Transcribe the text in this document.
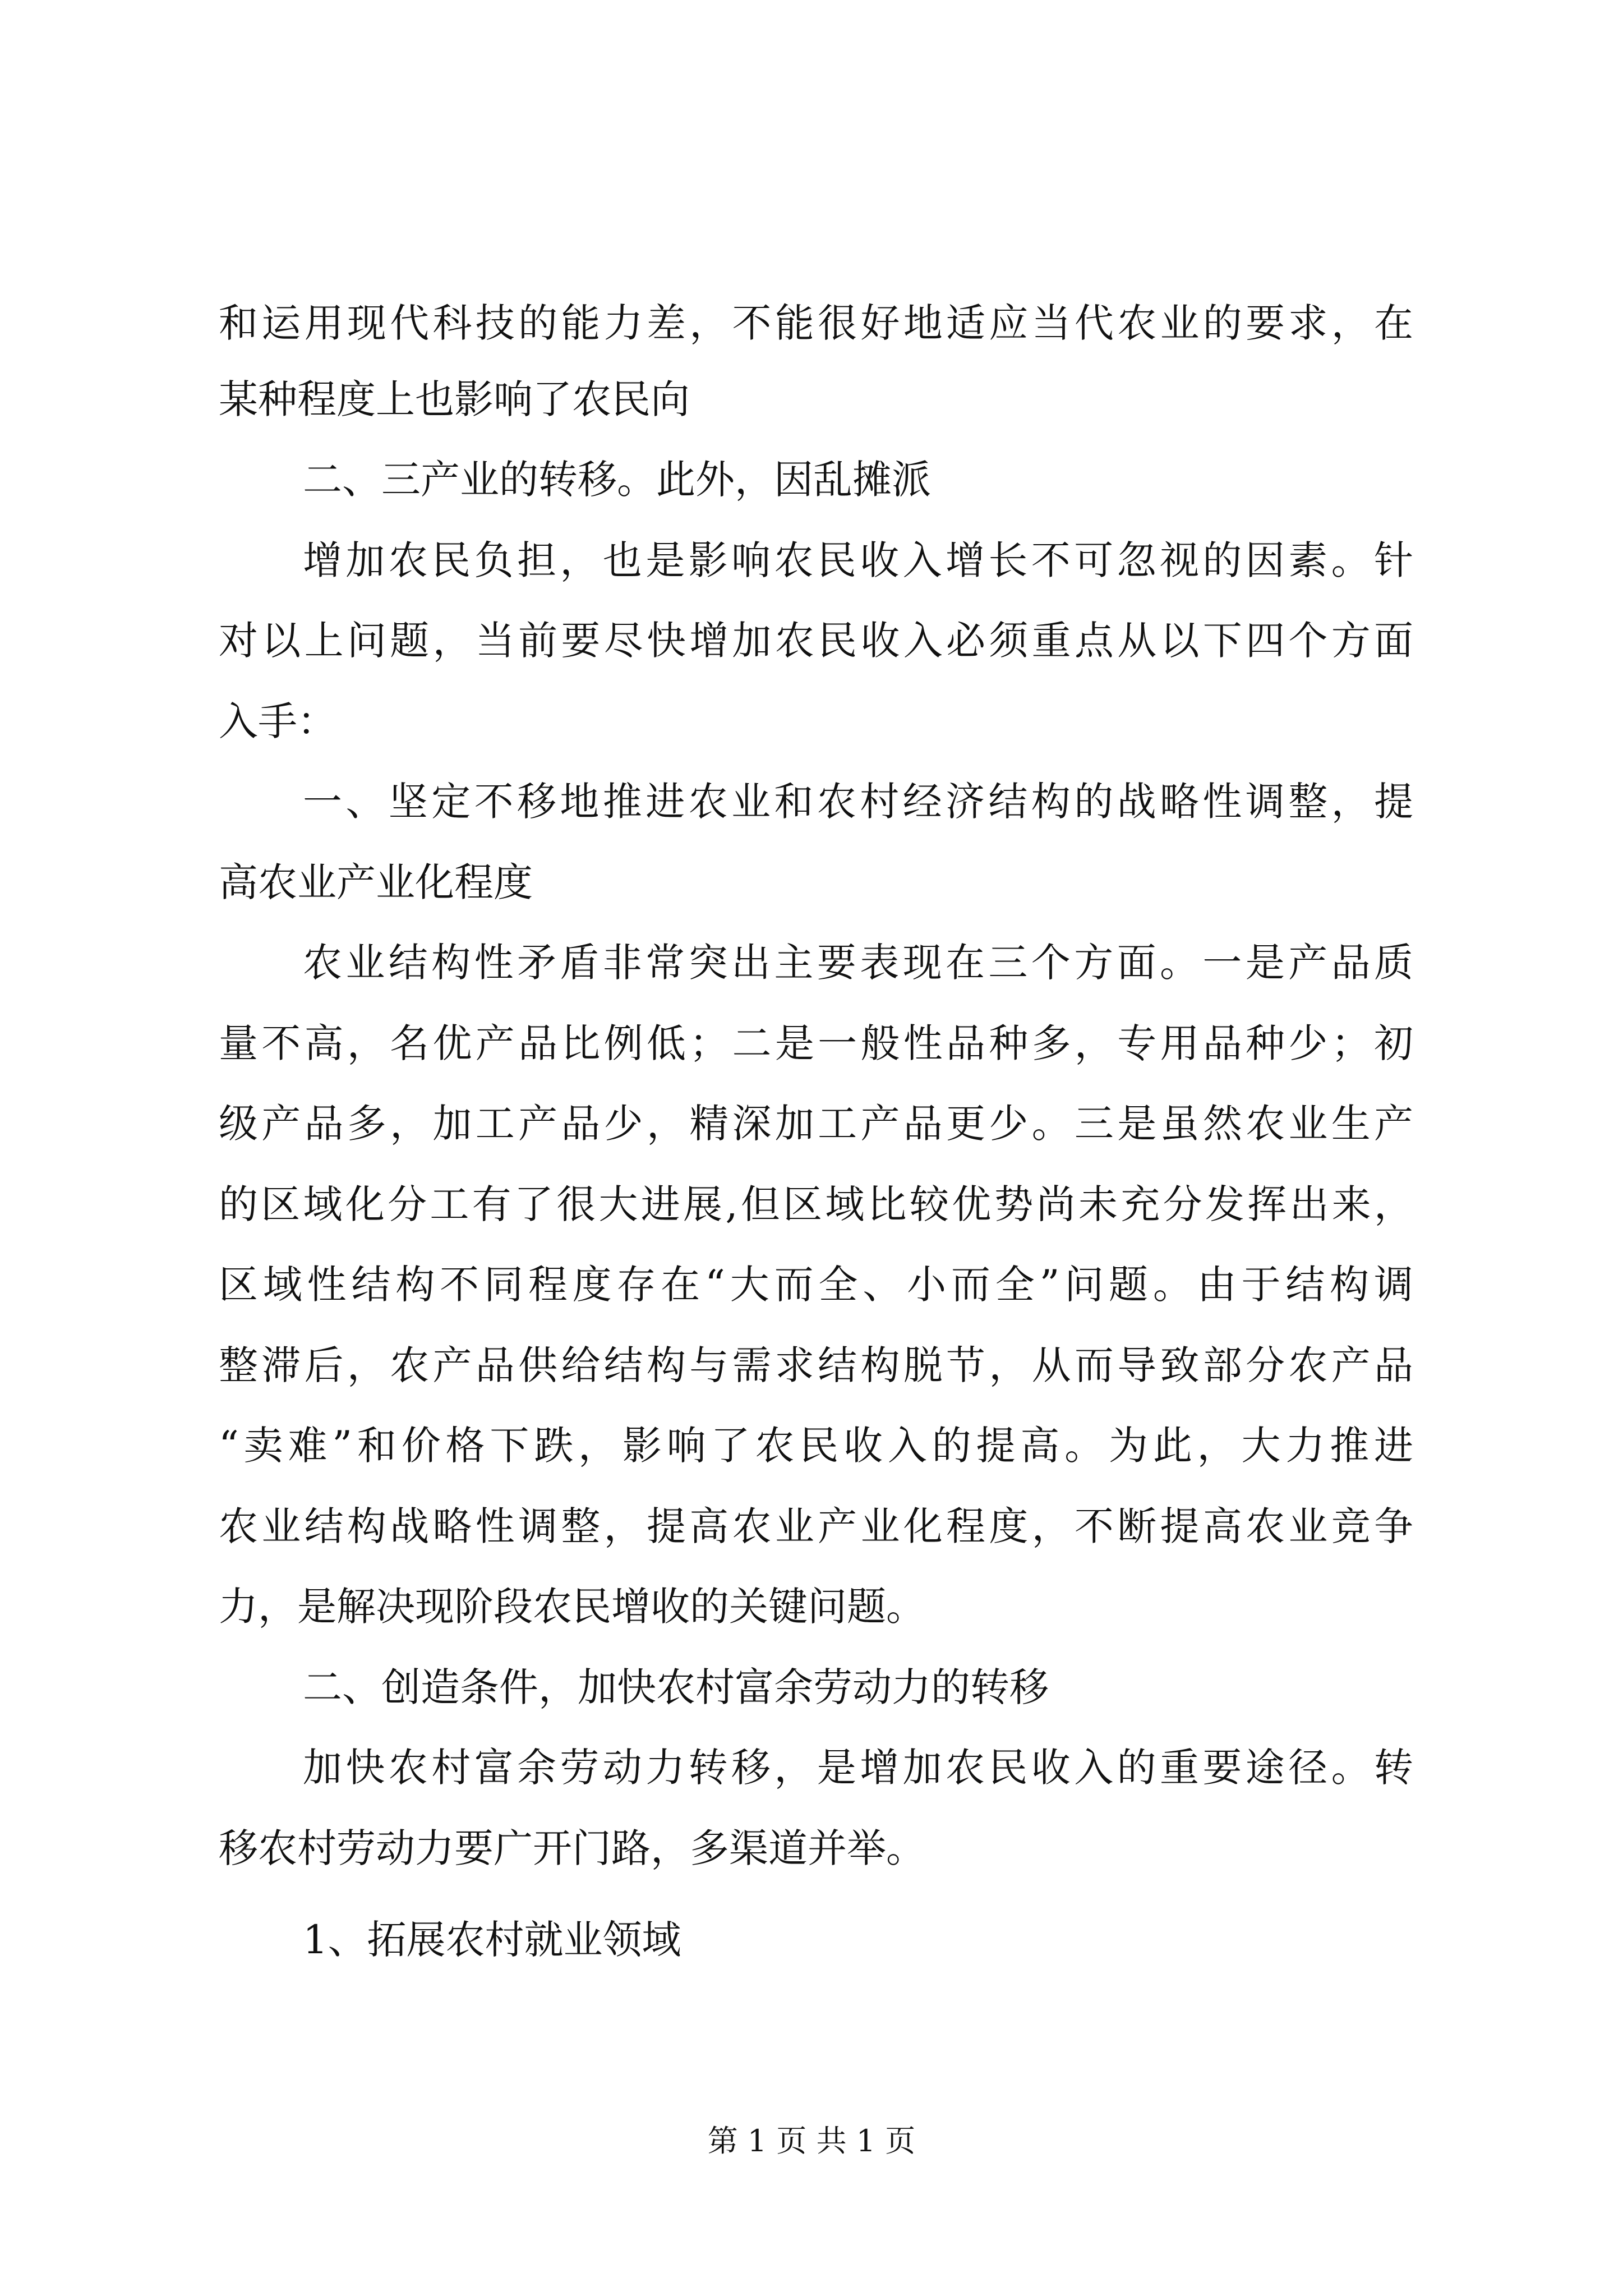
和运用现代科技的能力差，不能很好地适应当代农业的要求，在
某种程度上也影响了农民向
二、三产业的转移。此外，因乱摊派
增加农民负担，也是影响农民收入增长不可忽视的因素。针
对以上问题，当前要尽快增加农民收入必须重点从以下四个方面
入手：
一、坚定不移地推进农业和农村经济结构的战略性调整，提
高农业产业化程度
农业结构性矛盾非常突出主要表现在三个方面。一是产品质
量不高，名优产品比例低；二是一般性品种多，专用品种少；初
级产品多，加工产品少，精深加工产品更少。三是虽然农业生产
的区域化分工有了很大进展,但区域比较优势尚未充分发挥出来，
区域性结构不同程度存在“大而全、小而全”问题。由于结构调
整滞后，农产品供给结构与需求结构脱节，从而导致部分农产品
“卖难”和价格下跌，影响了农民收入的提高。为此，大力推进
农业结构战略性调整，提高农业产业化程度，不断提高农业竞争
力，是解决现阶段农民增收的关键问题。
二、创造条件，加快农村富余劳动力的转移
加快农村富余劳动力转移，是增加农民收入的重要途径。转
移农村劳动力要广开门路，多渠道并举。
1、拓展农村就业领域
第 1 页 共 1 页
